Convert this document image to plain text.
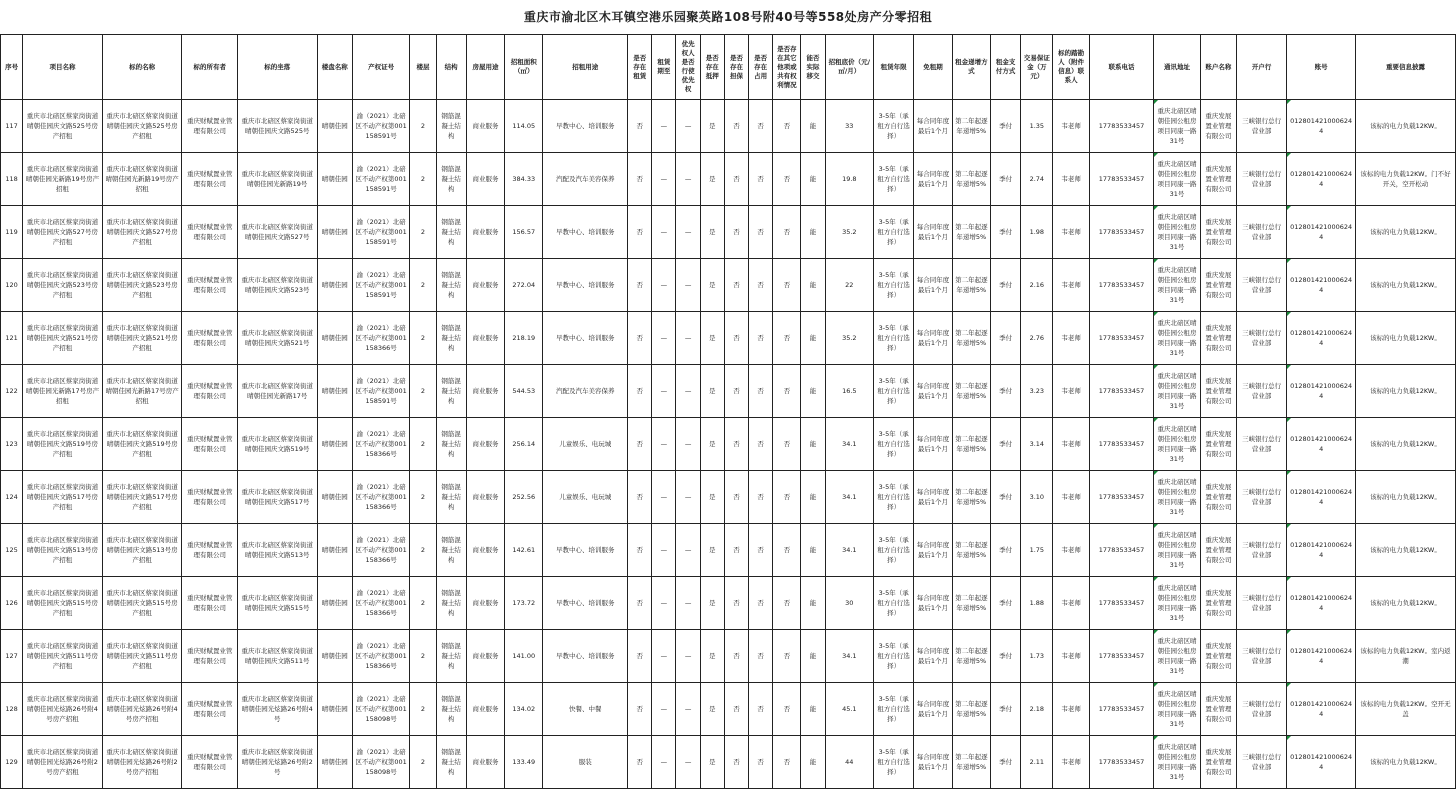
重庆市渝北区木耳镇空港乐园聚英路108号附40号等558处房产分零招租
序号	项目名称	标的名称	标的所有者	标的坐落	楼盘名称	产权证号	楼层	结构	房屋用途	招租面积（㎡）	招租用途	是否存在租赁	租赁期至	优先权人是否行使优先权	是否存在抵押	是否存在担保	是否存在占用	是否存在其它他项或共有权利情况	能否实际移交	招租底价（元/㎡/月）	租赁年限	免租期	租金递增方式	租金支付方式	交易保证金（万元）	标的踏勘人（附件信息）联系人	联系电话	通讯地址	账户名称	开户行	账号	重要信息披露
117	重庆市北碚区蔡家岗街道晴朝佳园庆文路525号房产招租	重庆市北碚区蔡家岗街道晴朝佳园庆文路525号房产招租	重庆财赋置业管理有限公司	重庆市北碚区蔡家岗街道晴朝佳园庆文路525号	晴朝佳园	渝（2021）北碚区不动产权第001158591号	2	钢筋混凝土结构	商业服务	114.05	早教中心、培训服务	否	—	—	是	否	否	否	能	33	3-5年（承租方自行选择）	每合同年度最后1个月	第二年起逐年递增5%	季付	1.35	韦老师	17783533457	重庆北碚区晴朝佳园公租房项目同康一路31号	重庆发展置业管理有限公司	三峡银行总行营业部	0128014210006244	该标的电力负载12KW。
118	重庆市北碚区蔡家岗街道晴朝佳园光新路19号房产招租	重庆市北碚区蔡家岗街道晴朝佳园光新路19号房产招租	重庆财赋置业管理有限公司	重庆市北碚区蔡家岗街道晴朝佳园光新路19号	晴朝佳园	渝（2021）北碚区不动产权第001158591号	2	钢筋混凝土结构	商业服务	384.33	汽配及汽车美容保养	否	—	—	是	否	否	否	能	19.8	3-5年（承租方自行选择）	每合同年度最后1个月	第二年起逐年递增5%	季付	2.74	韦老师	17783533457	重庆北碚区晴朝佳园公租房项目同康一路31号	重庆发展置业管理有限公司	三峡银行总行营业部	0128014210006244	该标的电力负载12KW。门不好开关，空开松动
119	重庆市北碚区蔡家岗街道晴朝佳园庆文路527号房产招租	重庆市北碚区蔡家岗街道晴朝佳园庆文路527号房产招租	重庆财赋置业管理有限公司	重庆市北碚区蔡家岗街道晴朝佳园庆文路527号	晴朝佳园	渝（2021）北碚区不动产权第001158591号	2	钢筋混凝土结构	商业服务	156.57	早教中心、培训服务	否	—	—	是	否	否	否	能	35.2	3-5年（承租方自行选择）	每合同年度最后1个月	第二年起逐年递增5%	季付	1.98	韦老师	17783533457	重庆北碚区晴朝佳园公租房项目同康一路31号	重庆发展置业管理有限公司	三峡银行总行营业部	0128014210006244	该标的电力负载12KW。
120	重庆市北碚区蔡家岗街道晴朝佳园庆文路523号房产招租	重庆市北碚区蔡家岗街道晴朝佳园庆文路523号房产招租	重庆财赋置业管理有限公司	重庆市北碚区蔡家岗街道晴朝佳园庆文路523号	晴朝佳园	渝（2021）北碚区不动产权第001158591号	2	钢筋混凝土结构	商业服务	272.04	早教中心、培训服务	否	—	—	是	否	否	否	能	22	3-5年（承租方自行选择）	每合同年度最后1个月	第二年起逐年递增5%	季付	2.16	韦老师	17783533457	重庆北碚区晴朝佳园公租房项目同康一路31号	重庆发展置业管理有限公司	三峡银行总行营业部	0128014210006244	该标的电力负载12KW。
121	重庆市北碚区蔡家岗街道晴朝佳园庆文路521号房产招租	重庆市北碚区蔡家岗街道晴朝佳园庆文路521号房产招租	重庆财赋置业管理有限公司	重庆市北碚区蔡家岗街道晴朝佳园庆文路521号	晴朝佳园	渝（2021）北碚区不动产权第001158366号	2	钢筋混凝土结构	商业服务	218.19	早教中心、培训服务	否	—	—	是	否	否	否	能	35.2	3-5年（承租方自行选择）	每合同年度最后1个月	第二年起逐年递增5%	季付	2.76	韦老师	17783533457	重庆北碚区晴朝佳园公租房项目同康一路31号	重庆发展置业管理有限公司	三峡银行总行营业部	0128014210006244	该标的电力负载12KW。
122	重庆市北碚区蔡家岗街道晴朝佳园光新路17号房产招租	重庆市北碚区蔡家岗街道晴朝佳园光新路17号房产招租	重庆财赋置业管理有限公司	重庆市北碚区蔡家岗街道晴朝佳园光新路17号	晴朝佳园	渝（2021）北碚区不动产权第001158591号	2	钢筋混凝土结构	商业服务	544.53	汽配及汽车美容保养	否	—	—	是	否	否	否	能	16.5	3-5年（承租方自行选择）	每合同年度最后1个月	第二年起逐年递增5%	季付	3.23	韦老师	17783533457	重庆北碚区晴朝佳园公租房项目同康一路31号	重庆发展置业管理有限公司	三峡银行总行营业部	0128014210006244	该标的电力负载12KW。
123	重庆市北碚区蔡家岗街道晴朝佳园庆文路519号房产招租	重庆市北碚区蔡家岗街道晴朝佳园庆文路519号房产招租	重庆财赋置业管理有限公司	重庆市北碚区蔡家岗街道晴朝佳园庆文路519号	晴朝佳园	渝（2021）北碚区不动产权第001158366号	2	钢筋混凝土结构	商业服务	256.14	儿童娱乐、电玩城	否	—	—	是	否	否	否	能	34.1	3-5年（承租方自行选择）	每合同年度最后1个月	第二年起逐年递增5%	季付	3.14	韦老师	17783533457	重庆北碚区晴朝佳园公租房项目同康一路31号	重庆发展置业管理有限公司	三峡银行总行营业部	0128014210006244	该标的电力负载12KW。
124	重庆市北碚区蔡家岗街道晴朝佳园庆文路517号房产招租	重庆市北碚区蔡家岗街道晴朝佳园庆文路517号房产招租	重庆财赋置业管理有限公司	重庆市北碚区蔡家岗街道晴朝佳园庆文路517号	晴朝佳园	渝（2021）北碚区不动产权第001158366号	2	钢筋混凝土结构	商业服务	252.56	儿童娱乐、电玩城	否	—	—	是	否	否	否	能	34.1	3-5年（承租方自行选择）	每合同年度最后1个月	第二年起逐年递增5%	季付	3.10	韦老师	17783533457	重庆北碚区晴朝佳园公租房项目同康一路31号	重庆发展置业管理有限公司	三峡银行总行营业部	0128014210006244	该标的电力负载12KW。
125	重庆市北碚区蔡家岗街道晴朝佳园庆文路513号房产招租	重庆市北碚区蔡家岗街道晴朝佳园庆文路513号房产招租	重庆财赋置业管理有限公司	重庆市北碚区蔡家岗街道晴朝佳园庆文路513号	晴朝佳园	渝（2021）北碚区不动产权第001158366号	2	钢筋混凝土结构	商业服务	142.61	早教中心、培训服务	否	—	—	是	否	否	否	能	34.1	3-5年（承租方自行选择）	每合同年度最后1个月	第二年起逐年递增5%	季付	1.75	韦老师	17783533457	重庆北碚区晴朝佳园公租房项目同康一路31号	重庆发展置业管理有限公司	三峡银行总行营业部	0128014210006244	该标的电力负载12KW。
126	重庆市北碚区蔡家岗街道晴朝佳园庆文路515号房产招租	重庆市北碚区蔡家岗街道晴朝佳园庆文路515号房产招租	重庆财赋置业管理有限公司	重庆市北碚区蔡家岗街道晴朝佳园庆文路515号	晴朝佳园	渝（2021）北碚区不动产权第001158366号	2	钢筋混凝土结构	商业服务	173.72	早教中心、培训服务	否	—	—	是	否	否	否	能	30	3-5年（承租方自行选择）	每合同年度最后1个月	第二年起逐年递增5%	季付	1.88	韦老师	17783533457	重庆北碚区晴朝佳园公租房项目同康一路31号	重庆发展置业管理有限公司	三峡银行总行营业部	0128014210006244	该标的电力负载12KW。
127	重庆市北碚区蔡家岗街道晴朝佳园庆文路511号房产招租	重庆市北碚区蔡家岗街道晴朝佳园庆文路511号房产招租	重庆财赋置业管理有限公司	重庆市北碚区蔡家岗街道晴朝佳园庆文路511号	晴朝佳园	渝（2021）北碚区不动产权第001158366号	2	钢筋混凝土结构	商业服务	141.00	早教中心、培训服务	否	—	—	是	否	否	否	能	34.1	3-5年（承租方自行选择）	每合同年度最后1个月	第二年起逐年递增5%	季付	1.73	韦老师	17783533457	重庆北碚区晴朝佳园公租房项目同康一路31号	重庆发展置业管理有限公司	三峡银行总行营业部	0128014210006244	该标的电力负载12KW。室内返潮
128	重庆市北碚区蔡家岗街道晴朝佳园光炫路26号附4号房产招租	重庆市北碚区蔡家岗街道晴朝佳园光炫路26号附4号房产招租	重庆财赋置业管理有限公司	重庆市北碚区蔡家岗街道晴朝佳园光炫路26号附4号	晴朝佳园	渝（2021）北碚区不动产权第001158098号	2	钢筋混凝土结构	商业服务	134.02	快餐、中餐	否	—	—	是	否	否	否	能	45.1	3-5年（承租方自行选择）	每合同年度最后1个月	第二年起逐年递增5%	季付	2.18	韦老师	17783533457	重庆北碚区晴朝佳园公租房项目同康一路31号	重庆发展置业管理有限公司	三峡银行总行营业部	0128014210006244	该标的电力负载12KW。空开无盖
129	重庆市北碚区蔡家岗街道晴朝佳园光炫路26号附2号房产招租	重庆市北碚区蔡家岗街道晴朝佳园光炫路26号附2号房产招租	重庆财赋置业管理有限公司	重庆市北碚区蔡家岗街道晴朝佳园光炫路26号附2号	晴朝佳园	渝（2021）北碚区不动产权第001158098号	2	钢筋混凝土结构	商业服务	133.49	服装	否	—	—	是	否	否	否	能	44	3-5年（承租方自行选择）	每合同年度最后1个月	第二年起逐年递增5%	季付	2.11	韦老师	17783533457	重庆北碚区晴朝佳园公租房项目同康一路31号	重庆发展置业管理有限公司	三峡银行总行营业部	0128014210006244	该标的电力负载12KW。
